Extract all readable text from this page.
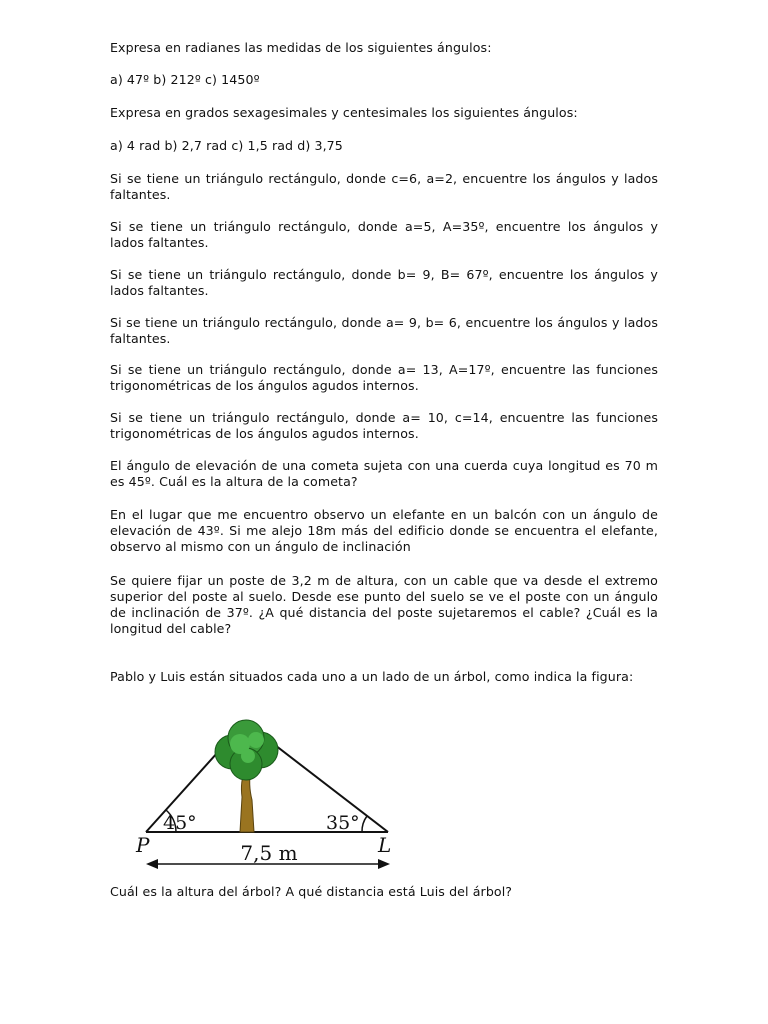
Expresa en radianes las medidas de los siguientes ángulos:

a) 47º b) 212º c) 1450º

Expresa en grados sexagesimales y centesimales los siguientes ángulos:

a) 4 rad b) 2,7 rad c) 1,5 rad d) 3,75

Si se tiene un triángulo rectángulo, donde c=6, a=2, encuentre los ángulos y lados faltantes.

Si se tiene un triángulo rectángulo, donde a=5, A=35º, encuentre los ángulos y lados faltantes.

Si se tiene un triángulo rectángulo, donde b= 9, B= 67º, encuentre los ángulos y lados faltantes.

Si se tiene un triángulo rectángulo, donde a= 9, b= 6, encuentre los ángulos y lados faltantes.

Si se tiene un triángulo rectángulo, donde a= 13, A=17º, encuentre las funciones trigonométricas de los ángulos agudos internos.

Si se tiene un triángulo rectángulo, donde a= 10, c=14, encuentre las funciones trigonométricas de los ángulos agudos internos.

El ángulo de elevación de una cometa sujeta con una cuerda cuya longitud es 70 m es 45º. Cuál es la altura de la cometa?

En el lugar que me encuentro observo un elefante en un balcón con un ángulo de elevación de 43º. Si me alejo 18m más del edificio donde se encuentra el elefante, observo al mismo con un ángulo de inclinación

Se quiere fijar un poste de 3,2 m de altura, con un cable que va desde el extremo superior del poste al suelo. Desde ese punto del suelo se ve el poste con un ángulo de inclinación de 37º. ¿A qué distancia del poste sujetaremos el cable? ¿Cuál es la longitud del cable?

Pablo y Luis están situados cada uno a un lado de un árbol, como indica la figura:

45°	35°
P	L
7,5 m

Cuál es la altura del árbol? A qué distancia está Luis del árbol?
